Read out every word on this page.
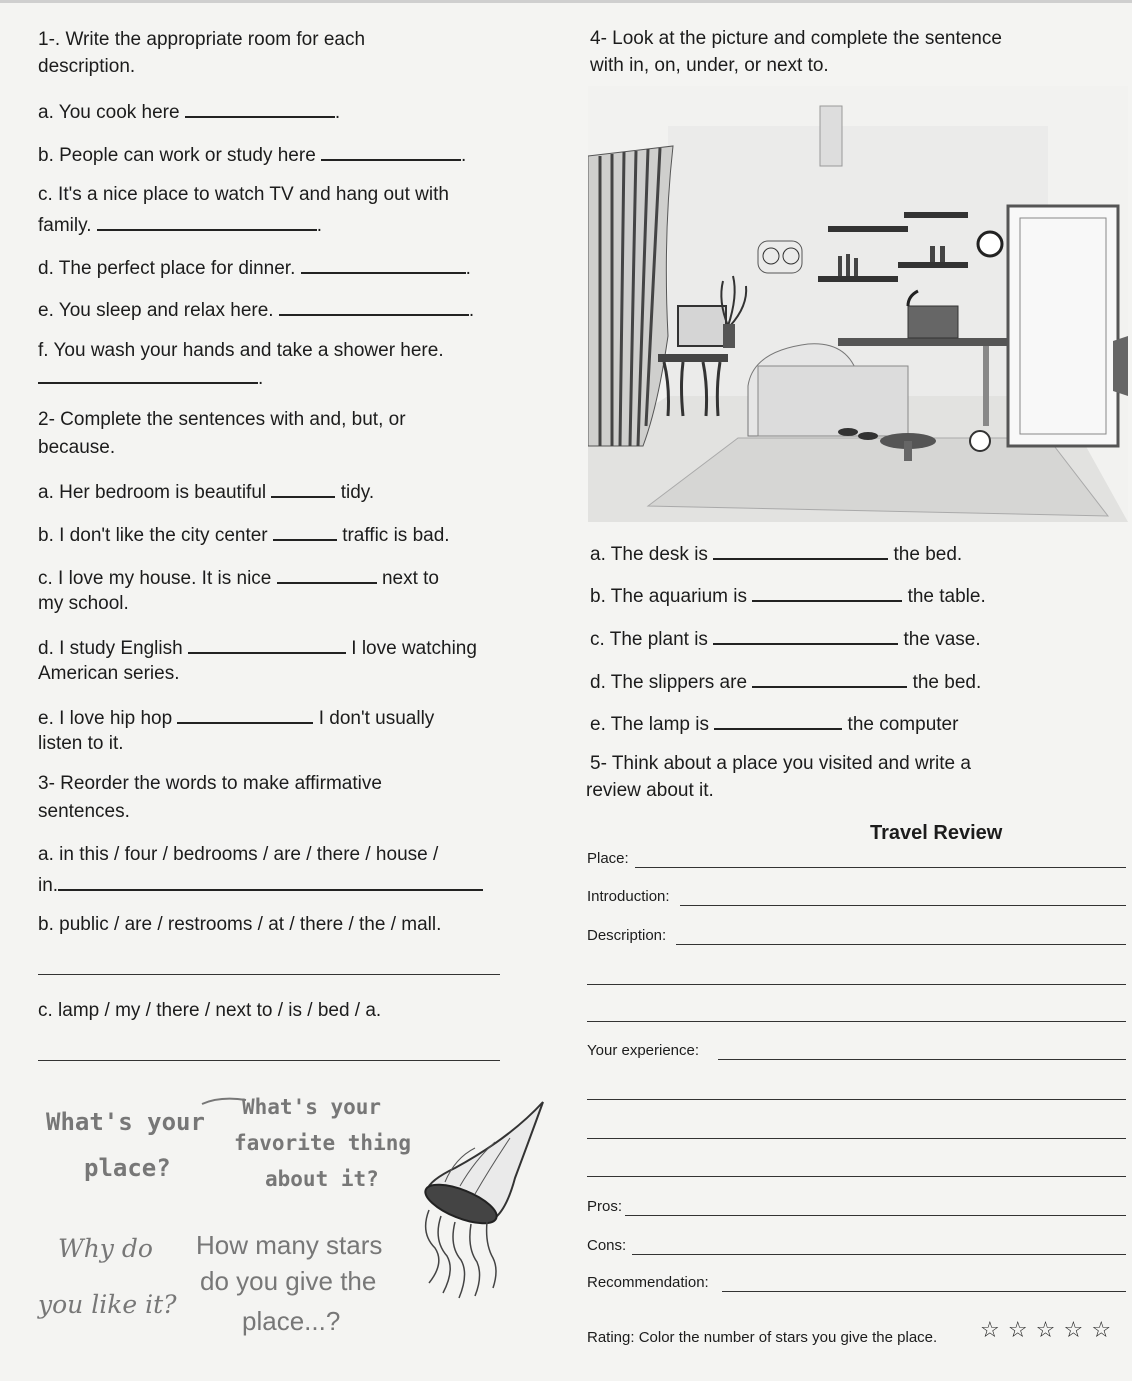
1-. Write the appropriate room for each
description.
a. You cook here	.
b. People can work or study here	.
c. It's a nice place to watch TV and hang out with
family.	.
d. The perfect place for dinner.	.
e. You sleep and relax here.	.
f. You wash your hands and take a shower here.
.
2- Complete the sentences with and, but, or
because.
a. Her bedroom is beautiful	tidy.
b. I don't like the city center	traffic is bad.
c. I love my house. It is nice	next to
my school.
d. I study English	I love watching
American series.
e. I love hip hop	I don't usually
listen to it.
3- Reorder the words to make affirmative
sentences.
a. in this / four / bedrooms / are / there / house /
in.
b. public / are / restrooms / at / there / the / mall.
c. lamp / my / there / next to / is / bed / a.
What's your
place?
What's your
favorite thing
about it?
Why do
you like it?
How many stars
do you give the
place...?
4- Look at the picture and complete the sentence
with in, on, under, or next to.
a. The desk is	the bed.
b. The aquarium is	the table.
c. The plant is	the vase.
d. The slippers are	the bed.
e. The lamp is	the computer
5- Think about a place you visited and write a
review about it.
Travel Review
Place:
Introduction:
Description:
Your experience:
Pros:
Cons:
Recommendation:
Rating: Color the number of stars you give the place. ☆ ☆ ☆ ☆ ☆
